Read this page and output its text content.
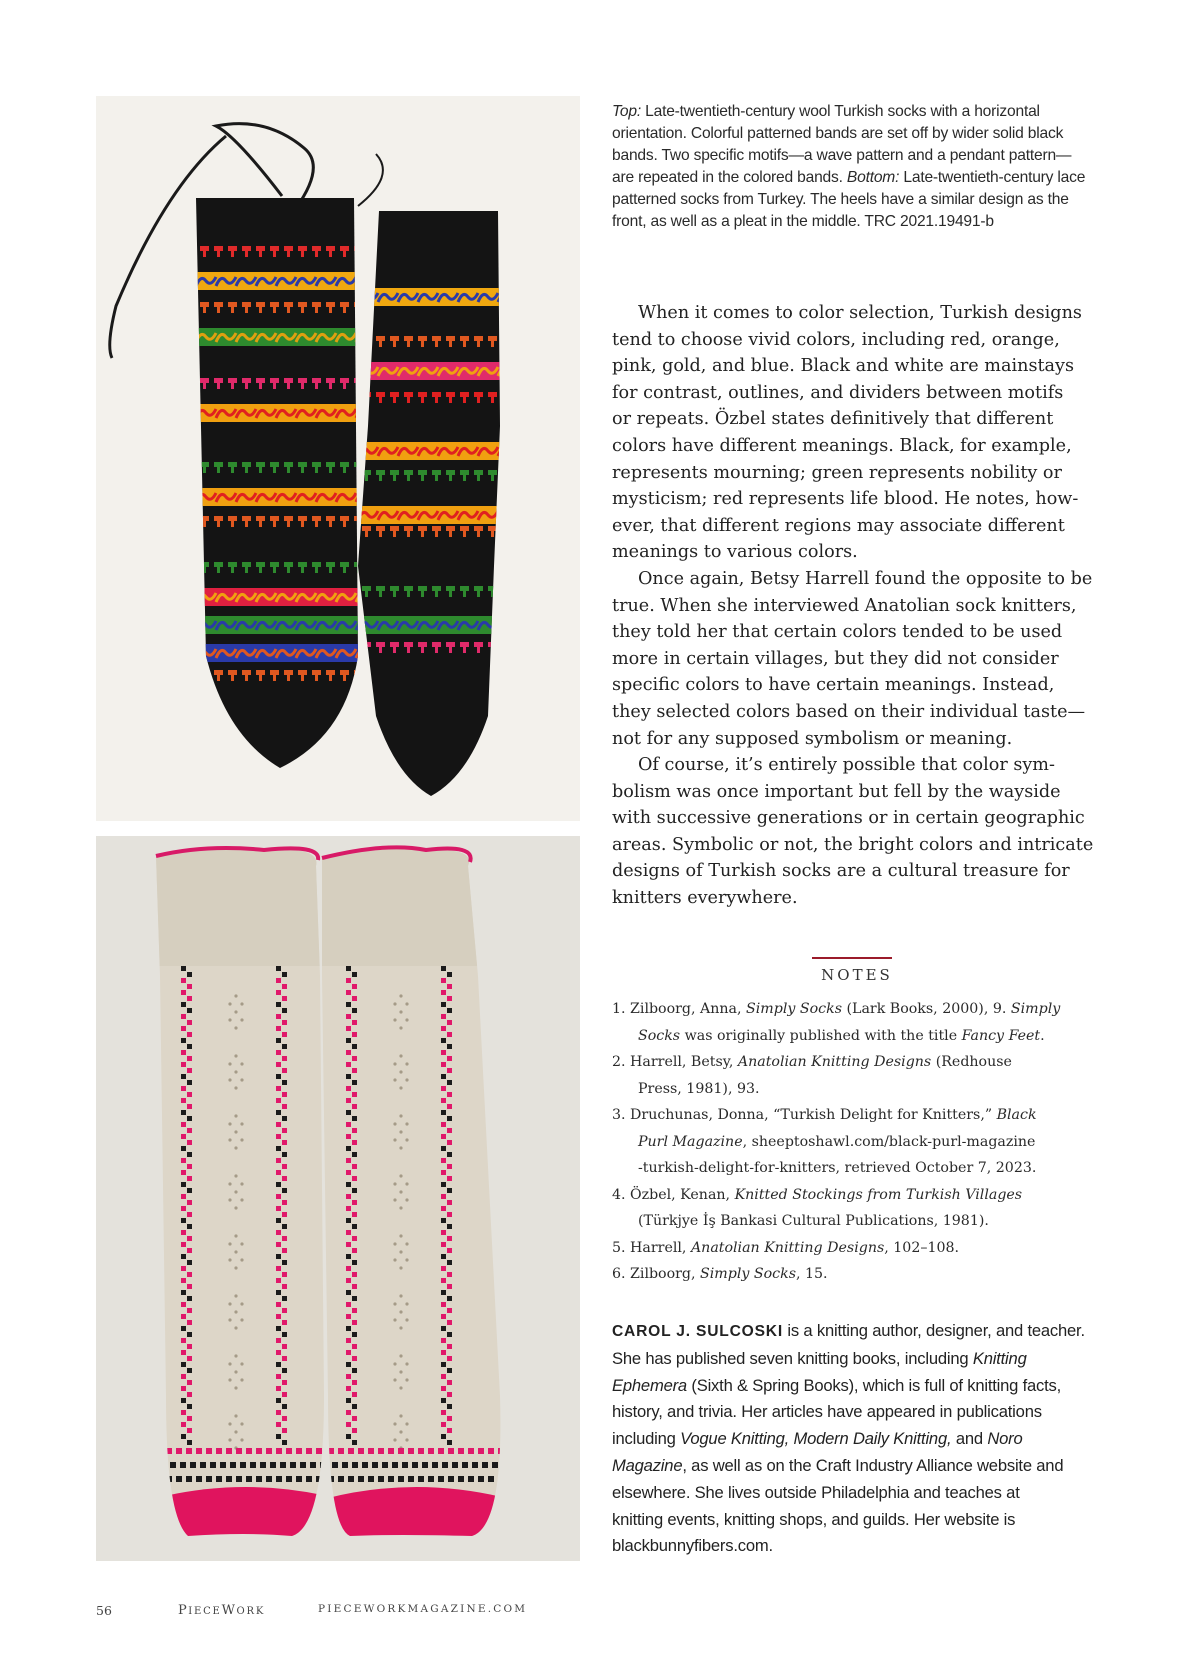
Top: Late-twentieth-century wool Turkish socks with a horizontal orientation. Colorful patterned bands are set off by wider solid black bands. Two specific motifs—a wave pattern and a pendant pattern—are repeated in the colored bands. Bottom: Late-twentieth-century lace patterned socks from Turkey. The heels have a similar design as the front, as well as a pleat in the middle. TRC 2021.19491-b
When it comes to color selection, Turkish designs
tend to choose vivid colors, including red, orange,
pink, gold, and blue. Black and white are mainstays
for contrast, outlines, and dividers between motifs
or repeats. Özbel states definitively that different
colors have different meanings. Black, for example,
represents mourning; green represents nobility or
mysticism; red represents life blood. He notes, how-
ever, that different regions may associate different
meanings to various colors.
Once again, Betsy Harrell found the opposite to be
true. When she interviewed Anatolian sock knitters,
they told her that certain colors tended to be used
more in certain villages, but they did not consider
specific colors to have certain meanings. Instead,
they selected colors based on their individual taste—
not for any supposed symbolism or meaning.
Of course, it’s entirely possible that color sym-
bolism was once important but fell by the wayside
with successive generations or in certain geographic
areas. Symbolic or not, the bright colors and intricate
designs of Turkish socks are a cultural treasure for
knitters everywhere.
NOTES
1. Zilboorg, Anna, Simply Socks (Lark Books, 2000), 9. Simply
Socks was originally published with the title Fancy Feet.
2. Harrell, Betsy, Anatolian Knitting Designs (Redhouse
Press, 1981), 93.
3. Druchunas, Donna, “Turkish Delight for Knitters,” Black
Purl Magazine, sheeptoshawl.com/black-purl-magazine
-turkish-delight-for-knitters, retrieved October 7, 2023.
4. Özbel, Kenan, Knitted Stockings from Turkish Villages
(Türkjye İş Bankasi Cultural Publications, 1981).
5. Harrell, Anatolian Knitting Designs, 102–108.
6. Zilboorg, Simply Socks, 15.
CAROL J. SULCOSKI is a knitting author, designer, and teacher.
She has published seven knitting books, including Knitting
Ephemera (Sixth & Spring Books), which is full of knitting facts,
history, and trivia. Her articles have appeared in publications
including Vogue Knitting, Modern Daily Knitting, and Noro
Magazine, as well as on the Craft Industry Alliance website and
elsewhere. She lives outside Philadelphia and teaches at
knitting events, knitting shops, and guilds. Her website is
blackbunnyfibers.com.
56	PIECEWORK	PIECEWORKMAGAZINE.COM
